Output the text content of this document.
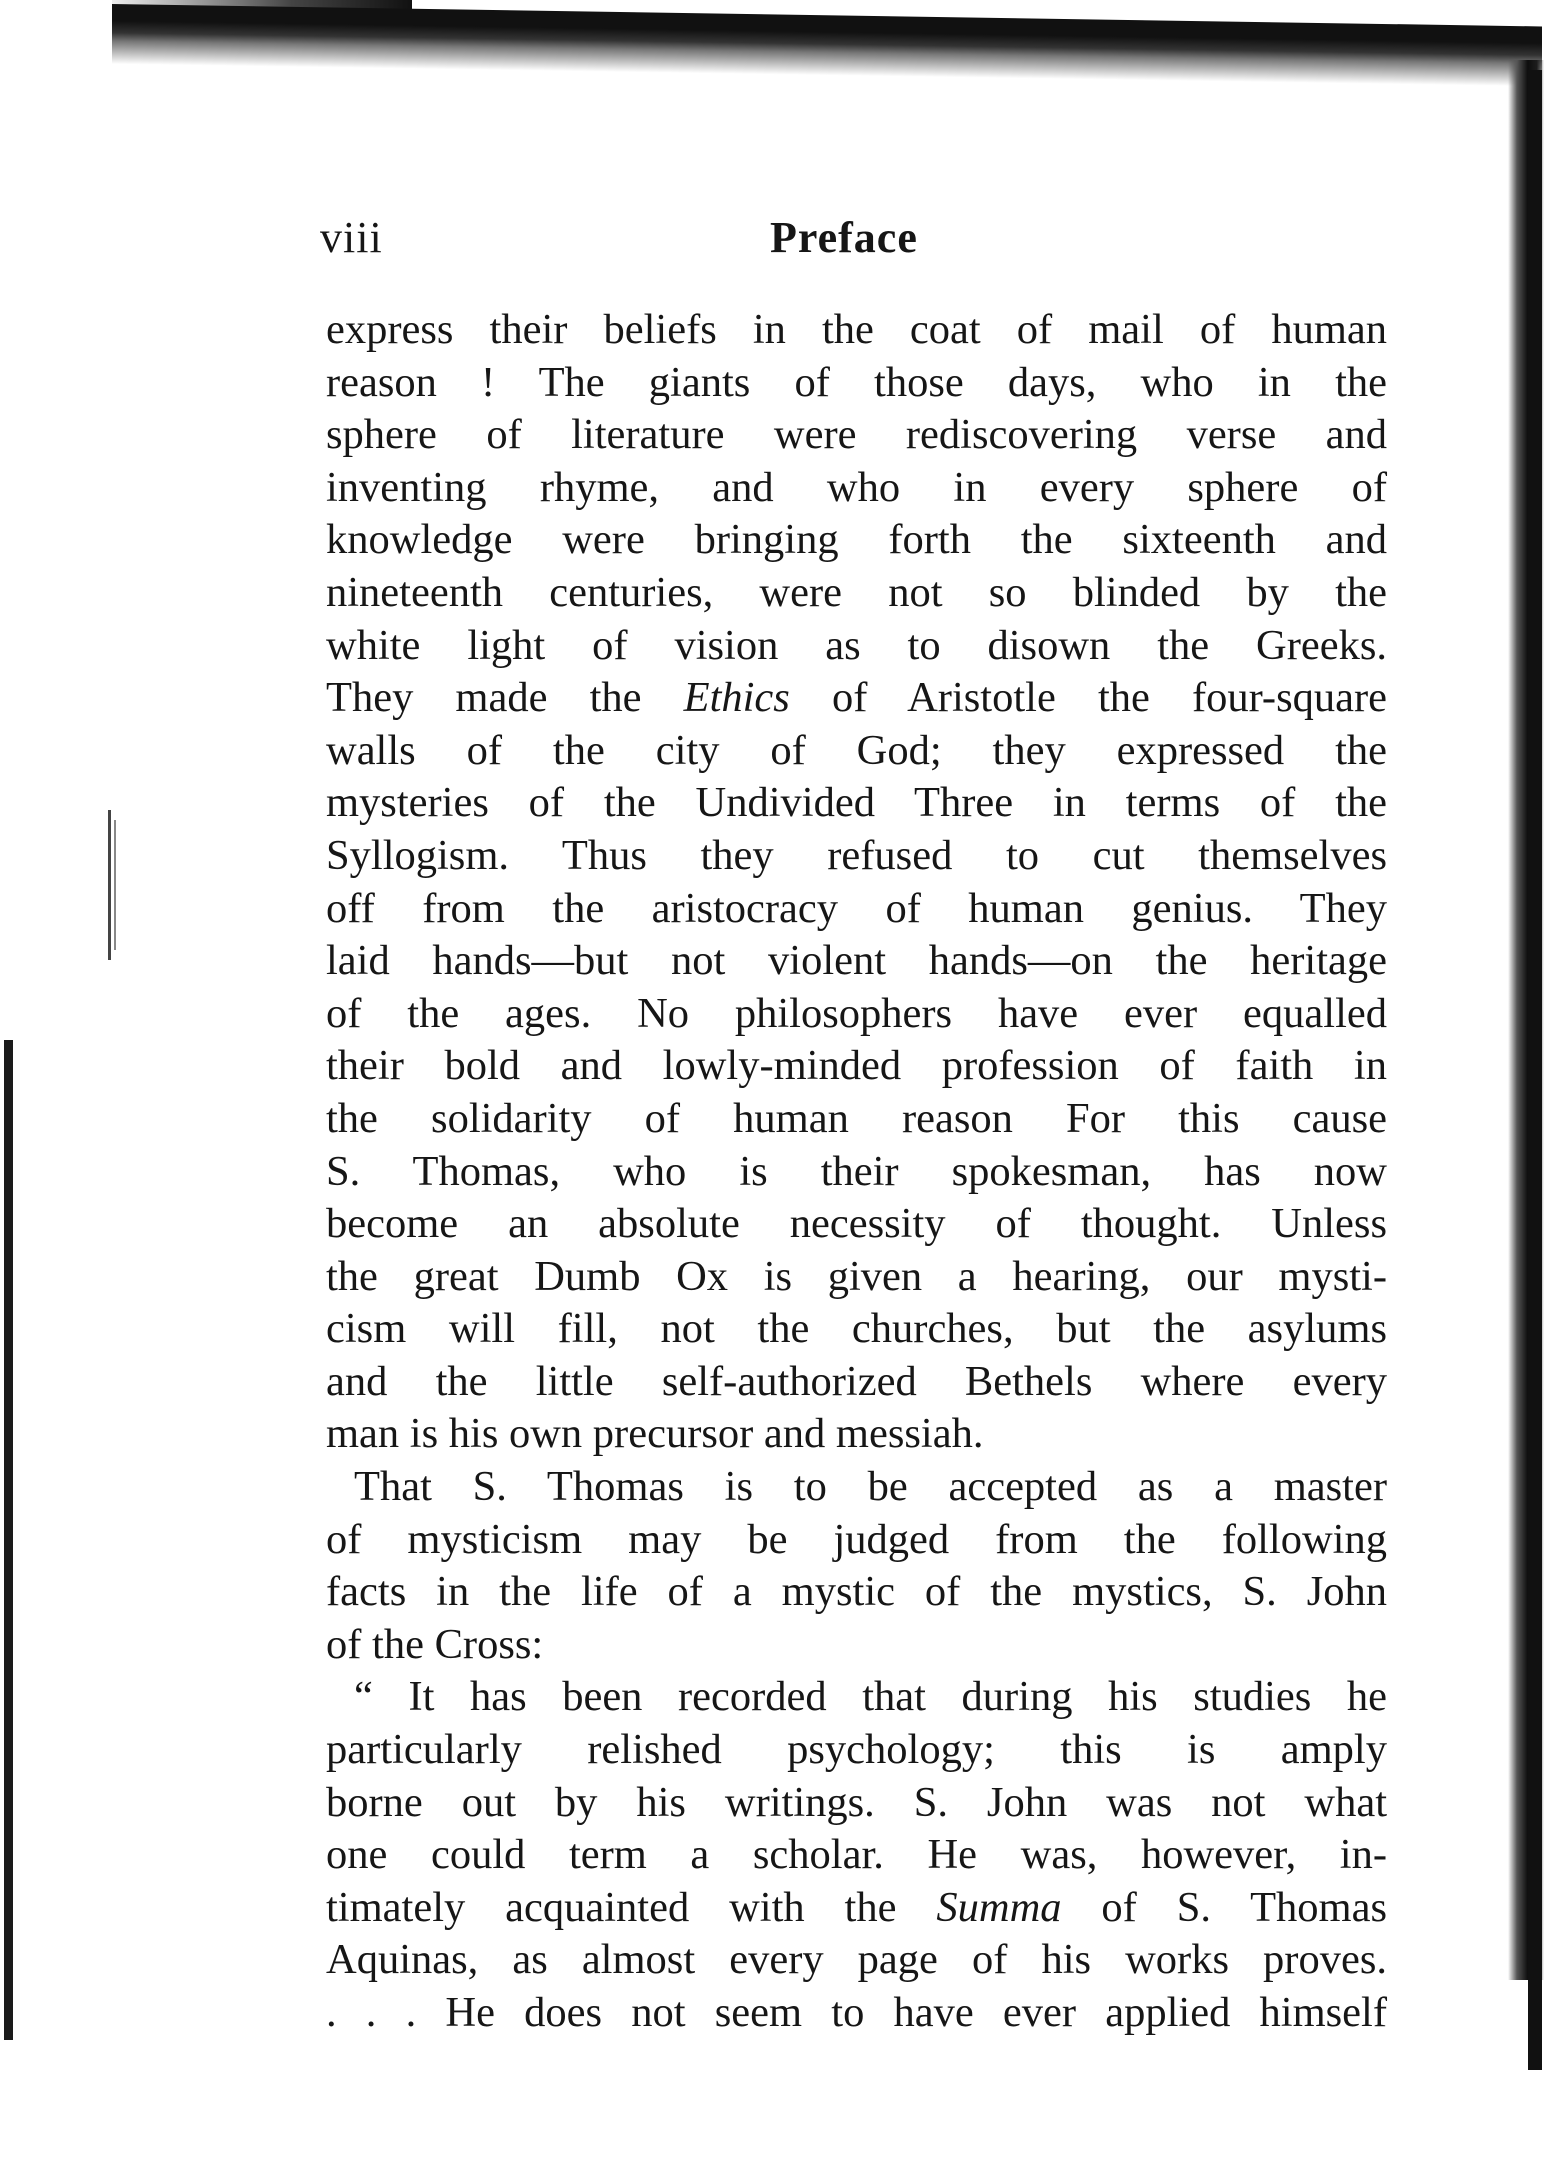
viii	Preface
express their beliefs in the coat of mail of human
reason ! The giants of those days, who in the
sphere of literature were rediscovering verse and
inventing rhyme, and who in every sphere of
knowledge were bringing forth the sixteenth and
nineteenth centuries, were not so blinded by the
white light of vision as to disown the Greeks.
They made the Ethics of Aristotle the four-square
walls of the city of God; they expressed the
mysteries of the Undivided Three in terms of the
Syllogism. Thus they refused to cut themselves
off from the aristocracy of human genius. They
laid hands—but not violent hands—on the heritage
of the ages. No philosophers have ever equalled
their bold and lowly-minded profession of faith in
the solidarity of human reason For this cause
S. Thomas, who is their spokesman, has now
become an absolute necessity of thought. Unless
the great Dumb Ox is given a hearing, our mysti-
cism will fill, not the churches, but the asylums
and the little self-authorized Bethels where every
man is his own precursor and messiah.
That S. Thomas is to be accepted as a master
of mysticism may be judged from the following
facts in the life of a mystic of the mystics, S. John
of the Cross:
“ It has been recorded that during his studies he
particularly relished psychology; this is amply
borne out by his writings. S. John was not what
one could term a scholar. He was, however, in-
timately acquainted with the Summa of S. Thomas
Aquinas, as almost every page of his works proves.
. . . He does not seem to have ever applied himself
